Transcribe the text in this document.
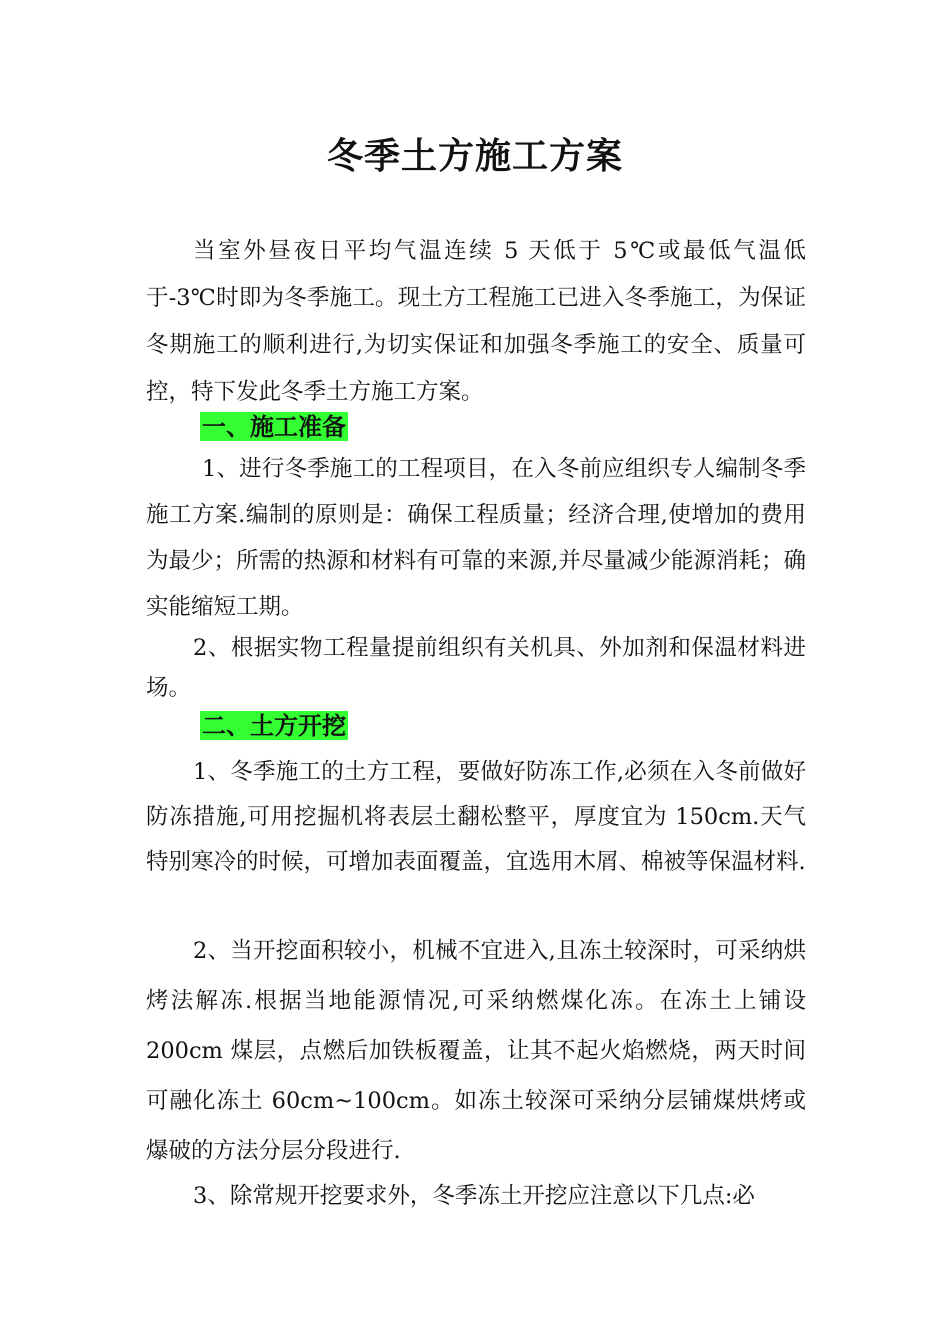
冬季土方施工方案

当室外昼夜日平均气温连续 5 天低于 5℃或最低气温低于-3℃时即为冬季施工。现土方工程施工已进入冬季施工，为保证冬期施工的顺利进行,为切实保证和加强冬季施工的安全、质量可控，特下发此冬季土方施工方案。

一、施工准备

1、进行冬季施工的工程项目，在入冬前应组织专人编制冬季施工方案.编制的原则是：确保工程质量；经济合理,使增加的费用为最少；所需的热源和材料有可靠的来源,并尽量减少能源消耗；确实能缩短工期。

2、根据实物工程量提前组织有关机具、外加剂和保温材料进场。

二、土方开挖

1、冬季施工的土方工程，要做好防冻工作,必须在入冬前做好防冻措施,可用挖掘机将表层土翻松整平，厚度宜为 150cm.天气特别寒冷的时候，可增加表面覆盖，宜选用木屑、棉被等保温材料.

2、当开挖面积较小，机械不宜进入,且冻土较深时，可采纳烘烤法解冻.根据当地能源情况,可采纳燃煤化冻。在冻土上铺设 200cm 煤层，点燃后加铁板覆盖，让其不起火焰燃烧，两天时间可融化冻土 60cm~100cm。如冻土较深可采纳分层铺煤烘烤或爆破的方法分层分段进行.

3、除常规开挖要求外，冬季冻土开挖应注意以下几点:必
